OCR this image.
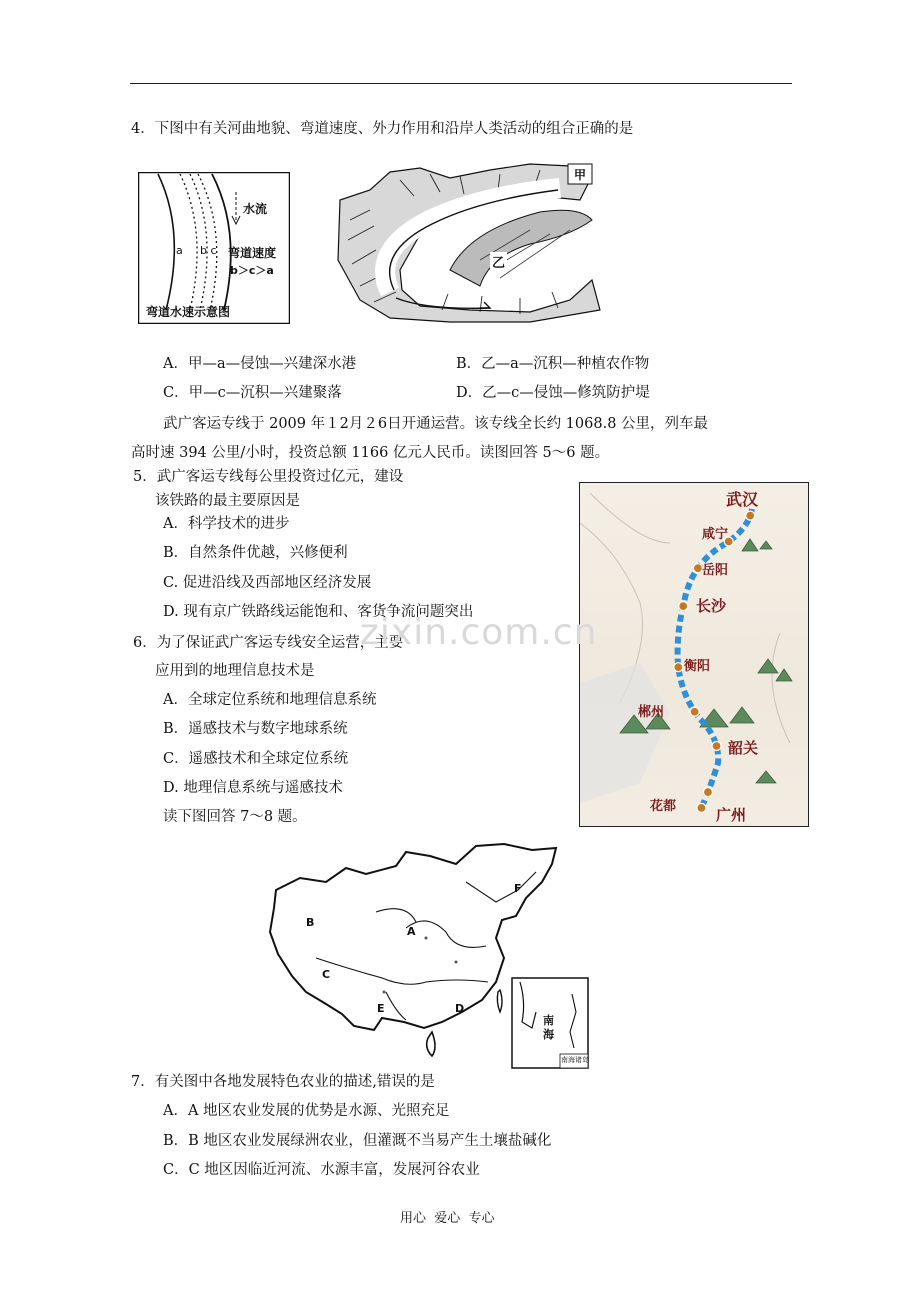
4．下图中有关河曲地貌、弯道速度、外力作用和沿岸人类活动的组合正确的是
水流
a b c 弯道速度
b＞c＞a
弯道水速示意图
甲
乙
A．甲—a—侵蚀—兴建深水港	B．乙—a—沉积—种植农作物
C．甲—c—沉积—兴建聚落	D．乙—c—侵蚀—修筑防护堤
武广客运专线于 2009 年１2月２6日开通运营。该专线全长约 1068.8 公里，列车最
高时速 394 公里/小时，投资总额 1166 亿元人民币。读图回答 5～6 题。
5．武广客运专线每公里投资过亿元，建设
该铁路的最主要原因是
A．科学技术的进步
B．自然条件优越，兴修便利
C. 促进沿线及西部地区经济发展
D. 现有京广铁路线运能饱和、客货争流问题突出
6．为了保证武广客运专线安全运营，主要
应用到的地理信息技术是
A．全球定位系统和地理信息系统
B．遥感技术与数字地球系统
C．遥感技术和全球定位系统
D. 地理信息系统与遥感技术
武汉
咸宁
岳阳
长沙
衡阳
郴州
韶关
花都	广州
zixin.com.cn
读下图回答 7～8 题。
A
B
C
D
E
F
南
海
南海诸岛
7．有关图中各地发展特色农业的描述,错误的是
A．A 地区农业发展的优势是水源、光照充足
B．B 地区农业发展绿洲农业，但灌溉不当易产生土壤盐碱化
C．C 地区因临近河流、水源丰富，发展河谷农业
用心  爱心  专心
